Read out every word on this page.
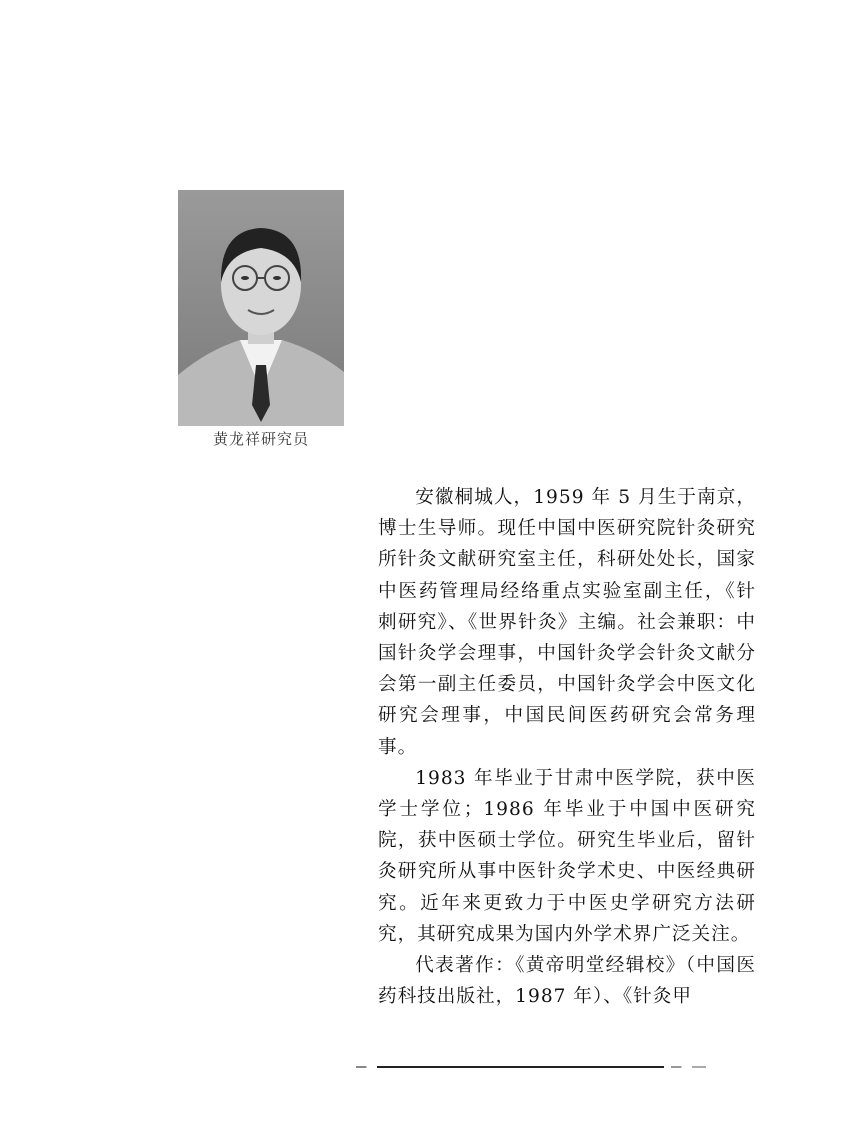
黄龙祥研究员

安徽桐城人，1959 年 5 月生于南京，博士生导师。现任中国中医研究院针灸研究所针灸文献研究室主任，科研处处长，国家中医药管理局经络重点实验室副主任，《针刺研究》、《世界针灸》主编。社会兼职：中国针灸学会理事，中国针灸学会针灸文献分会第一副主任委员，中国针灸学会中医文化研究会理事，中国民间医药研究会常务理事。

1983 年毕业于甘肃中医学院，获中医学士学位；1986 年毕业于中国中医研究院，获中医硕士学位。研究生毕业后，留针灸研究所从事中医针灸学术史、中医经典研究。近年来更致力于中医史学研究方法研究，其研究成果为国内外学术界广泛关注。

代表著作：《黄帝明堂经辑校》（中国医药科技出版社，1987 年）、《针灸甲
